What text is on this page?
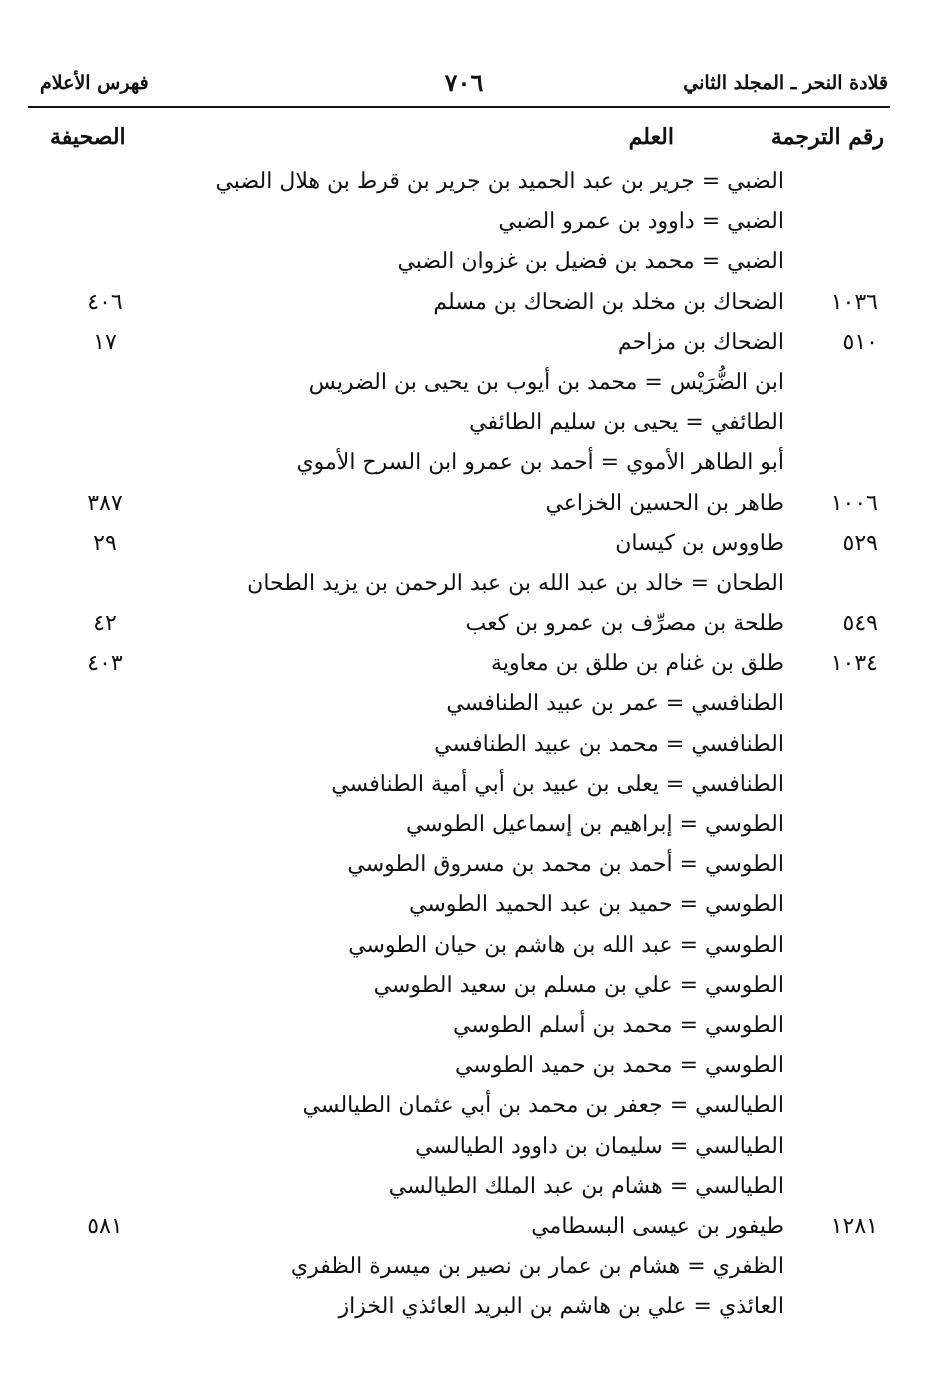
قلادة النحر ـ المجلد الثاني
٧٠٦
فهرس الأعلام
رقم الترجمة
العلم
الصحيفة
الضبي = جرير بن عبد الحميد بن جرير بن قرط بن هلال الضبي
الضبي = داوود بن عمرو الضبي
الضبي = محمد بن فضيل بن غزوان الضبي
١٠٣٦
الضحاك بن مخلد بن الضحاك بن مسلم
٤٠٦
٥١٠
الضحاك بن مزاحم
١٧
ابن الضُّرَيْس = محمد بن أيوب بن يحيى بن الضريس
الطائفي = يحيى بن سليم الطائفي
أبو الطاهر الأموي = أحمد بن عمرو ابن السرح الأموي
١٠٠٦
طاهر بن الحسين الخزاعي
٣٨٧
٥٢٩
طاووس بن كيسان
٢٩
الطحان = خالد بن عبد الله بن عبد الرحمن بن يزيد الطحان
٥٤٩
طلحة بن مصرِّف بن عمرو بن كعب
٤٢
١٠٣٤
طلق بن غنام بن طلق بن معاوية
٤٠٣
الطنافسي = عمر بن عبيد الطنافسي
الطنافسي = محمد بن عبيد الطنافسي
الطنافسي = يعلى بن عبيد بن أبي أمية الطنافسي
الطوسي = إبراهيم بن إسماعيل الطوسي
الطوسي = أحمد بن محمد بن مسروق الطوسي
الطوسي = حميد بن عبد الحميد الطوسي
الطوسي = عبد الله بن هاشم بن حيان الطوسي
الطوسي = علي بن مسلم بن سعيد الطوسي
الطوسي = محمد بن أسلم الطوسي
الطوسي = محمد بن حميد الطوسي
الطيالسي = جعفر بن محمد بن أبي عثمان الطيالسي
الطيالسي = سليمان بن داوود الطيالسي
الطيالسي = هشام بن عبد الملك الطيالسي
١٢٨١
طيفور بن عيسى البسطامي
٥٨١
الظفري = هشام بن عمار بن نصير بن ميسرة الظفري
العائذي = علي بن هاشم بن البريد العائذي الخزاز
